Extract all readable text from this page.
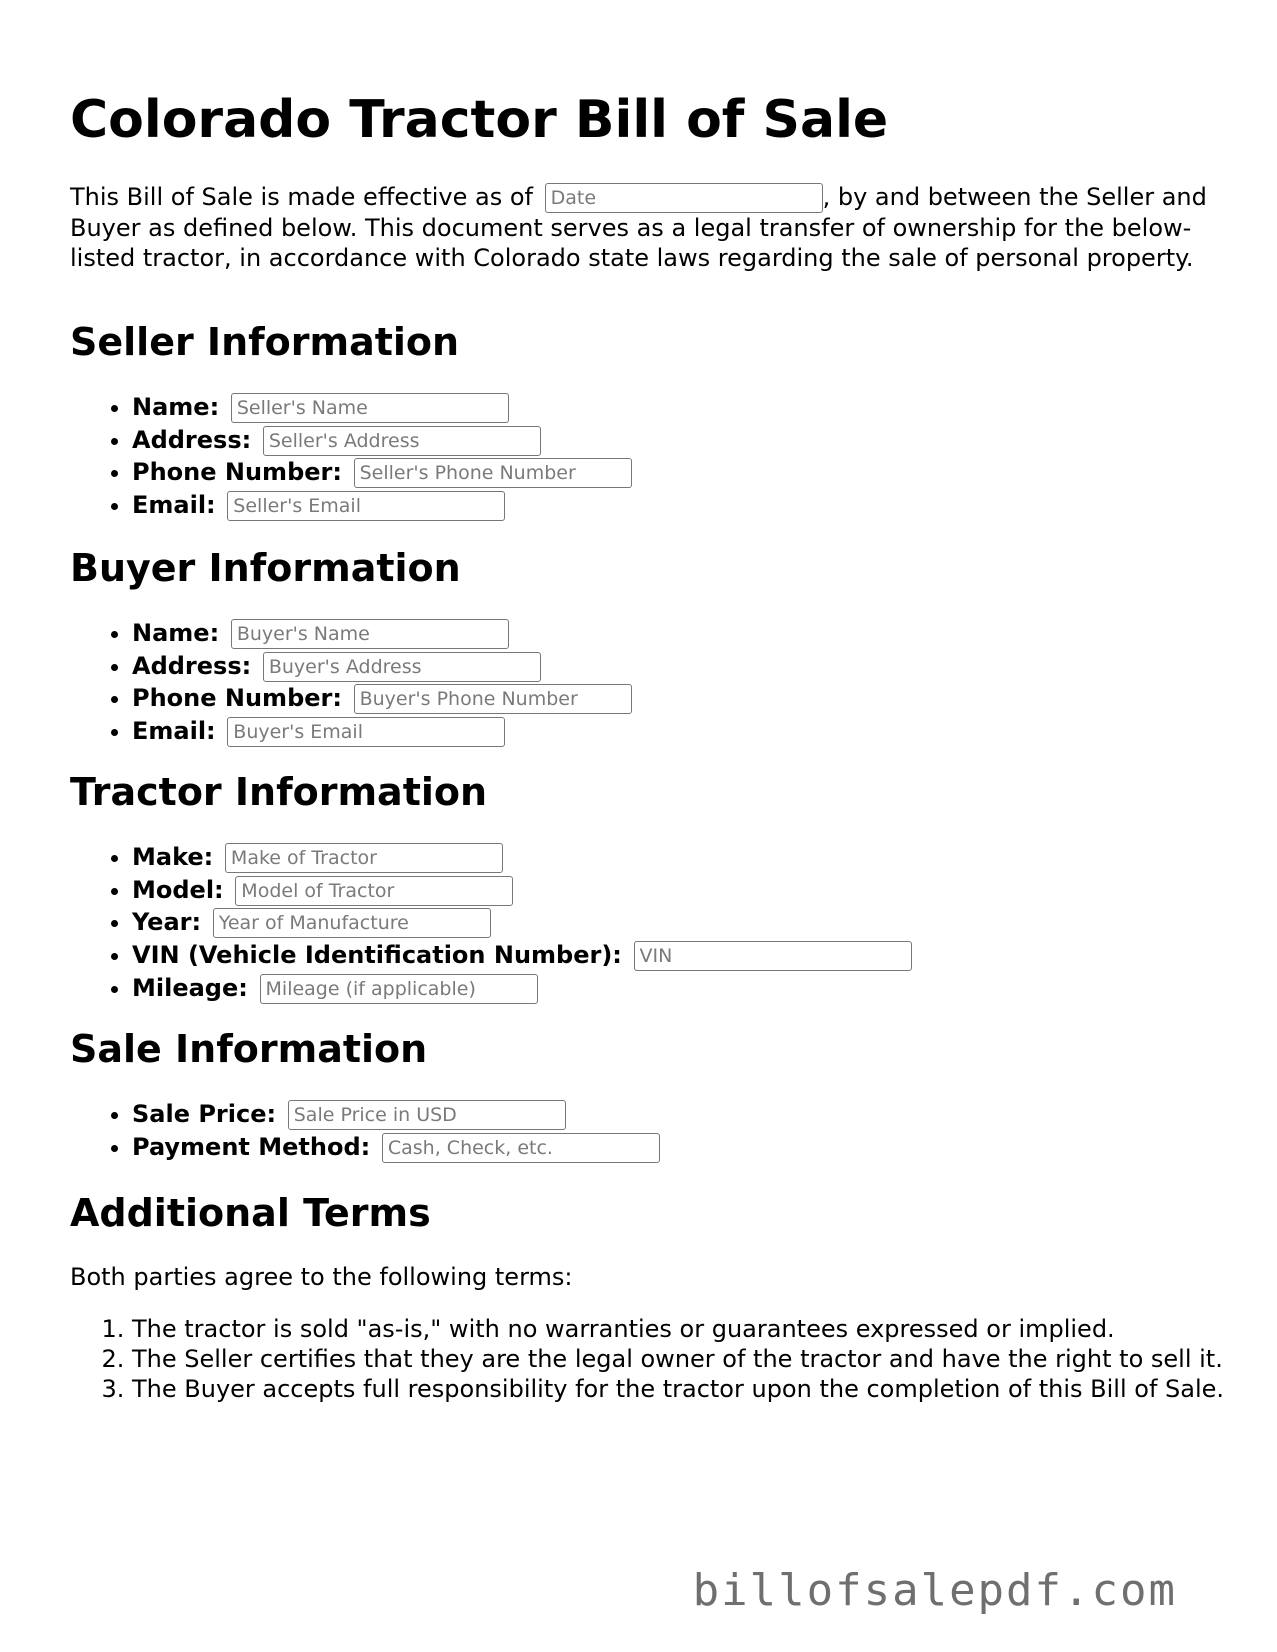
Colorado Tractor Bill of Sale

This Bill of Sale is made effective as of Date	, by and between the Seller and Buyer as defined below. This document serves as a legal transfer of ownership for the below-listed tractor, in accordance with Colorado state laws regarding the sale of personal property.

Seller Information
• Name: Seller's Name
• Address: Seller's Address
• Phone Number: Seller's Phone Number
• Email: Seller's Email
Buyer Information
• Name: Buyer's Name
• Address: Buyer's Address
• Phone Number: Buyer's Phone Number
• Email: Buyer's Email
Tractor Information
• Make: Make of Tractor
• Model: Model of Tractor
• Year: Year of Manufacture
• VIN (Vehicle Identification Number): VIN
• Mileage: Mileage (if applicable)
Sale Information
• Sale Price: Sale Price in USD
• Payment Method: Cash, Check, etc.
Additional Terms

Both parties agree to the following terms:

1. The tractor is sold "as-is," with no warranties or guarantees expressed or implied.
2. The Seller certifies that they are the legal owner of the tractor and have the right to sell it.
3. The Buyer accepts full responsibility for the tractor upon the completion of this Bill of Sale.
billofsalepdf.com
